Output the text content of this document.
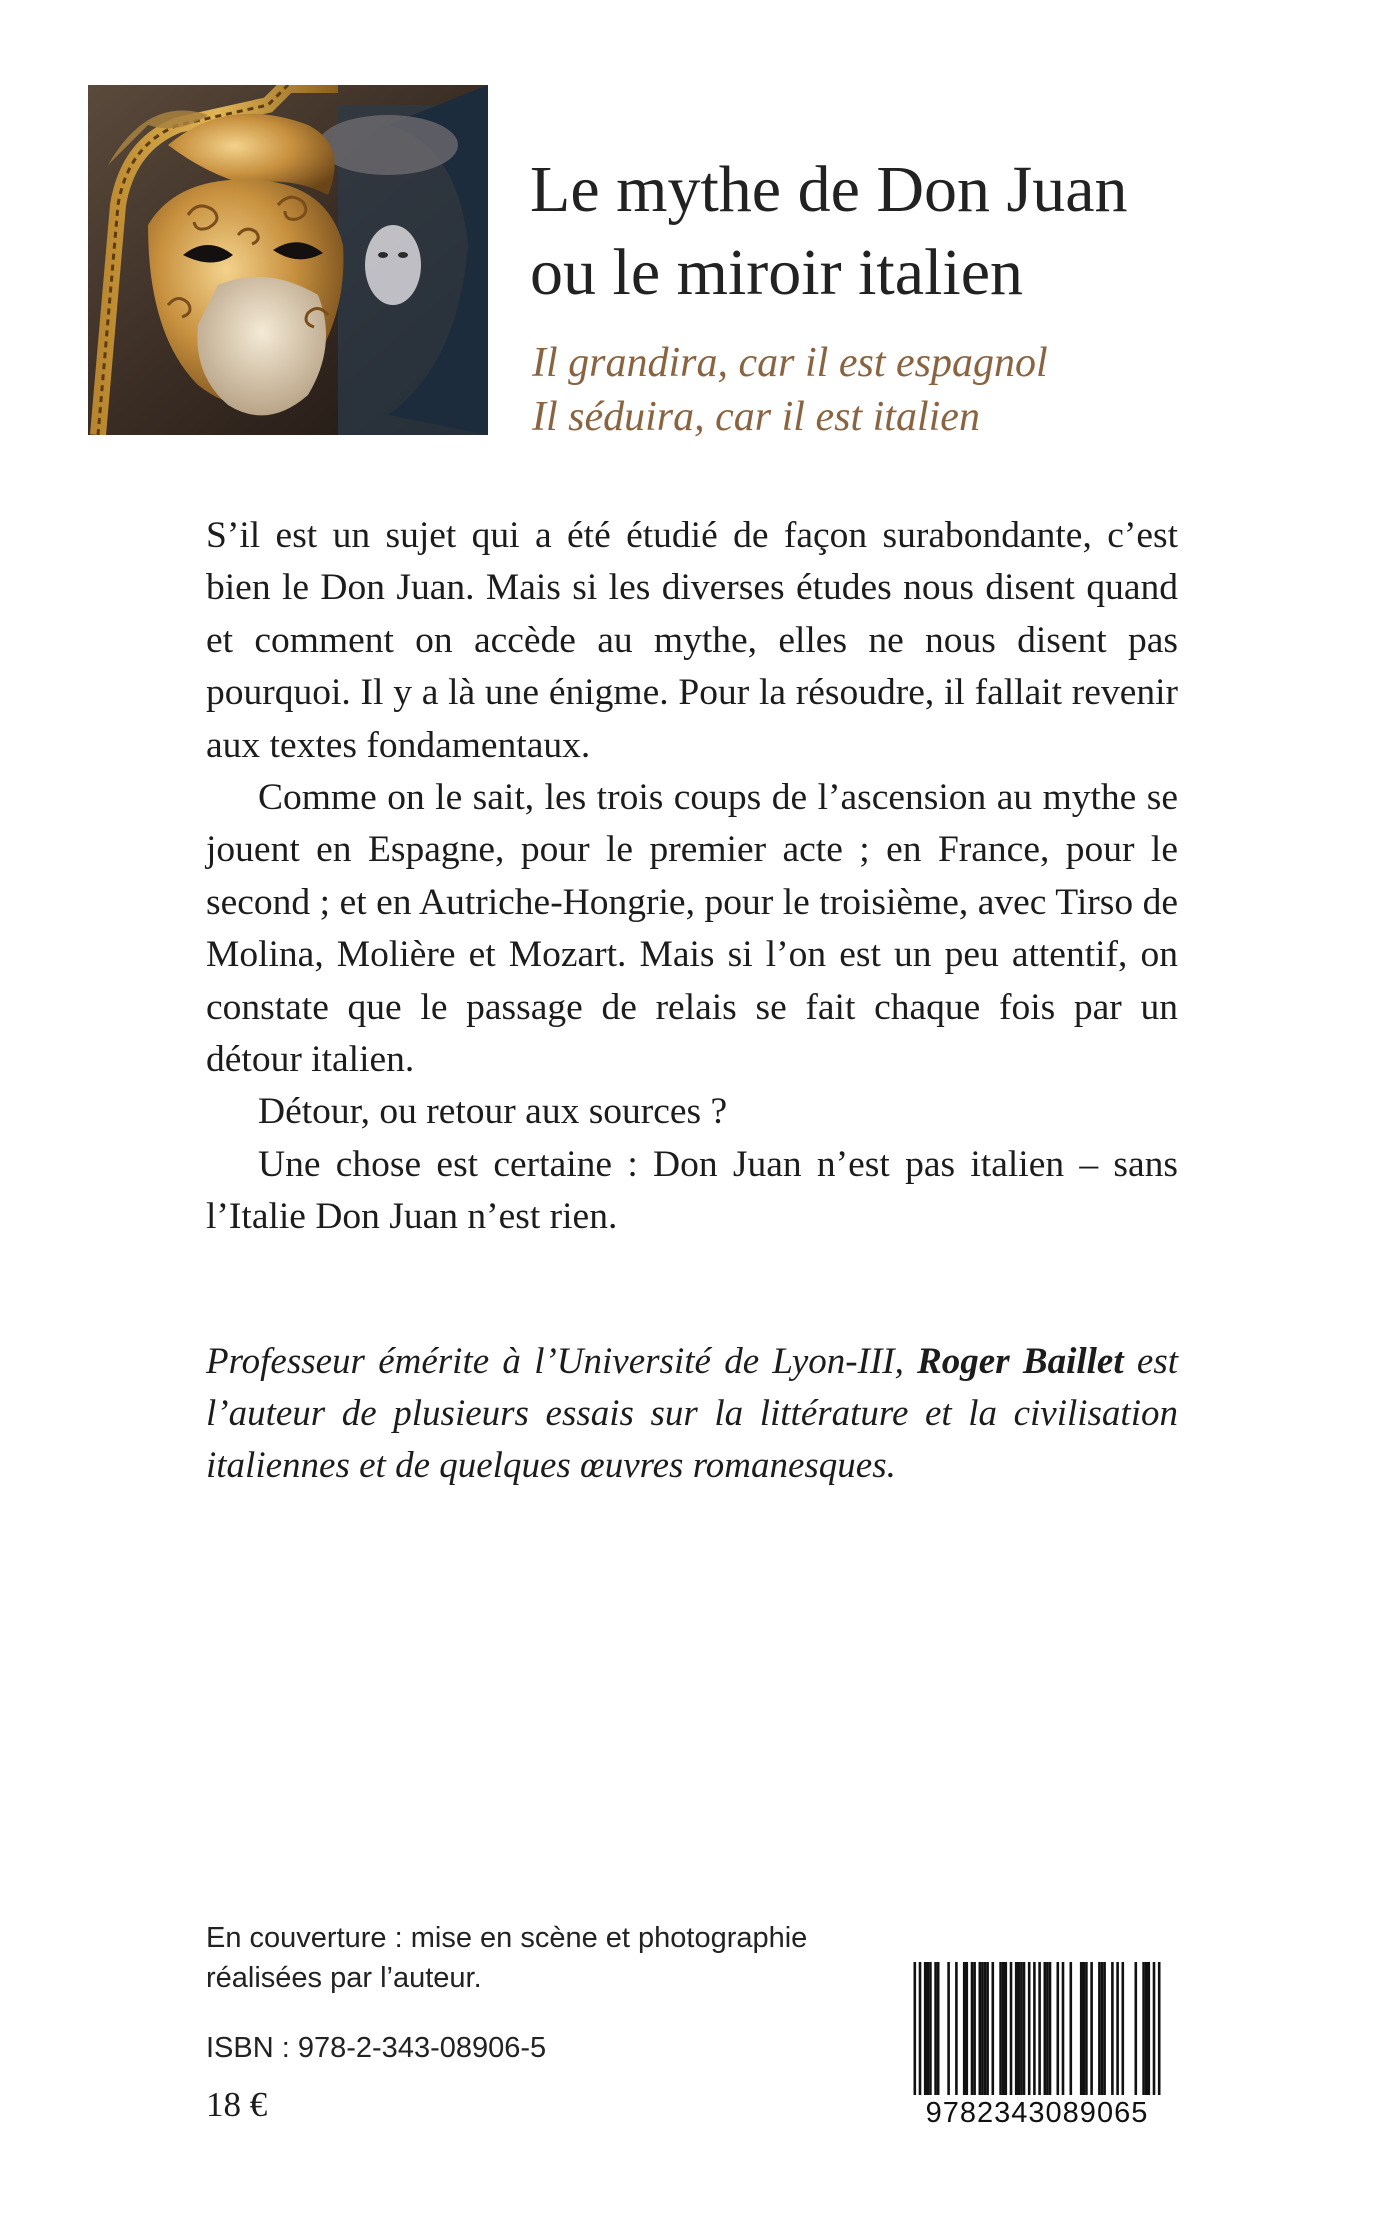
Le mythe de Don Juan
ou le miroir italien
Il grandira, car il est espagnol
Il séduira, car il est italien

S’il est un sujet qui a été étudié de façon surabondante, c’est bien le Don Juan. Mais si les diverses études nous disent quand et comment on accède au mythe, elles ne nous disent pas pourquoi. Il y a là une énigme. Pour la résoudre, il fallait revenir aux textes fondamentaux.

Comme on le sait, les trois coups de l’ascension au mythe se jouent en Espagne, pour le premier acte ; en France, pour le second ; et en Autriche-Hongrie, pour le troisième, avec Tirso de Molina, Molière et Mozart. Mais si l’on est un peu attentif, on constate que le passage de relais se fait chaque fois par un détour italien.

Détour, ou retour aux sources ?

Une chose est certaine : Don Juan n’est pas italien – sans l’Italie Don Juan n’est rien.

Professeur émérite à l’Université de Lyon-III, Roger Baillet est l’auteur de plusieurs essais sur la littérature et la civilisation italiennes et de quelques œuvres romanesques.
En couverture : mise en scène et photographie
réalisées par l’auteur.
ISBN : 978-2-343-08906-5
18 €	9782343089065
